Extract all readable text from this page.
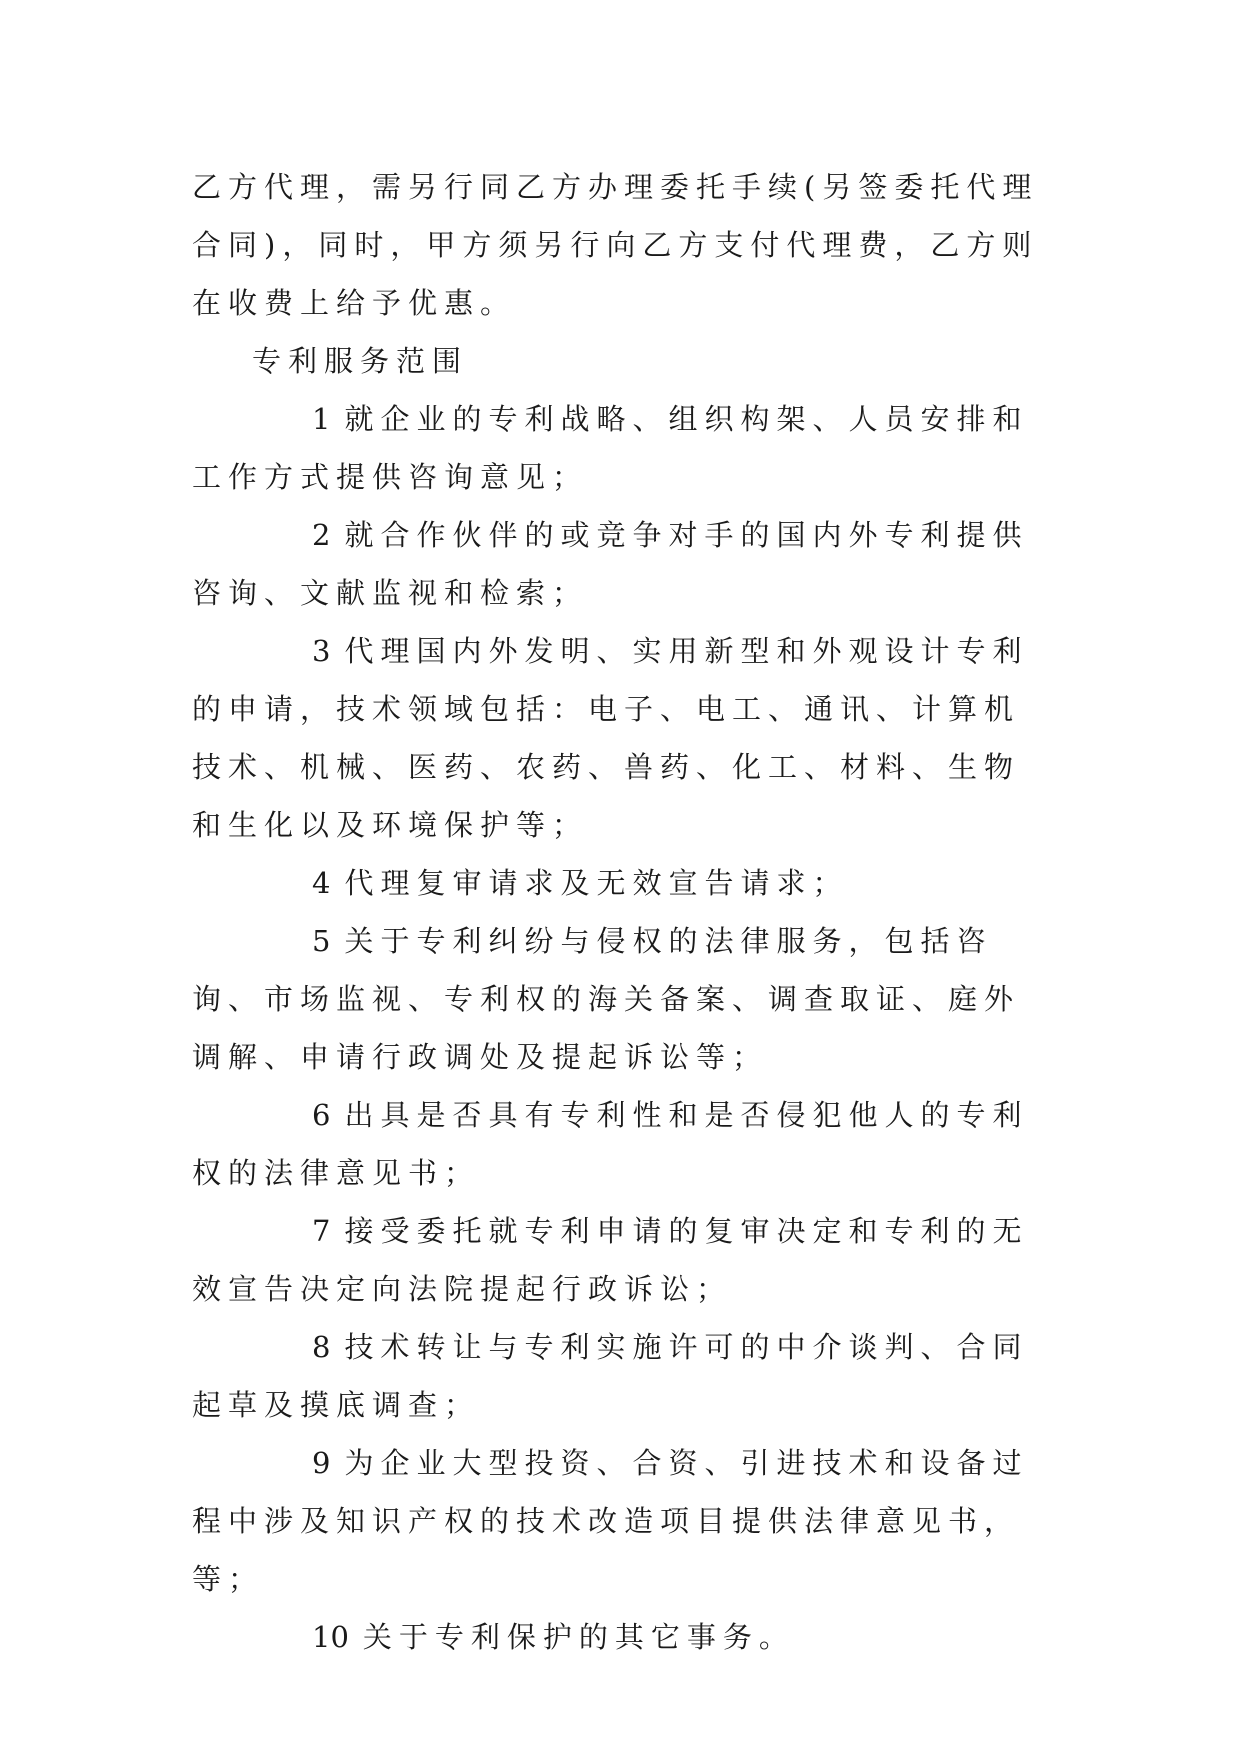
乙方代理，需另行同乙方办理委托手续(另签委托代理合同)，同时，甲方须另行向乙方支付代理费，乙方则在收费上给予优惠。

专利服务范围

1 就企业的专利战略、组织构架、人员安排和工作方式提供咨询意见；

2 就合作伙伴的或竞争对手的国内外专利提供咨询、文献监视和检索；

3 代理国内外发明、实用新型和外观设计专利的申请，技术领域包括：电子、电工、通讯、计算机技术、机械、医药、农药、兽药、化工、材料、生物和生化以及环境保护等；

4 代理复审请求及无效宣告请求；

5 关于专利纠纷与侵权的法律服务，包括咨询、市场监视、专利权的海关备案、调查取证、庭外调解、申请行政调处及提起诉讼等；

6 出具是否具有专利性和是否侵犯他人的专利权的法律意见书；

7 接受委托就专利申请的复审决定和专利的无效宣告决定向法院提起行政诉讼；

8 技术转让与专利实施许可的中介谈判、合同起草及摸底调查；

9 为企业大型投资、合资、引进技术和设备过程中涉及知识产权的技术改造项目提供法律意见书，等；

10 关于专利保护的其它事务。
